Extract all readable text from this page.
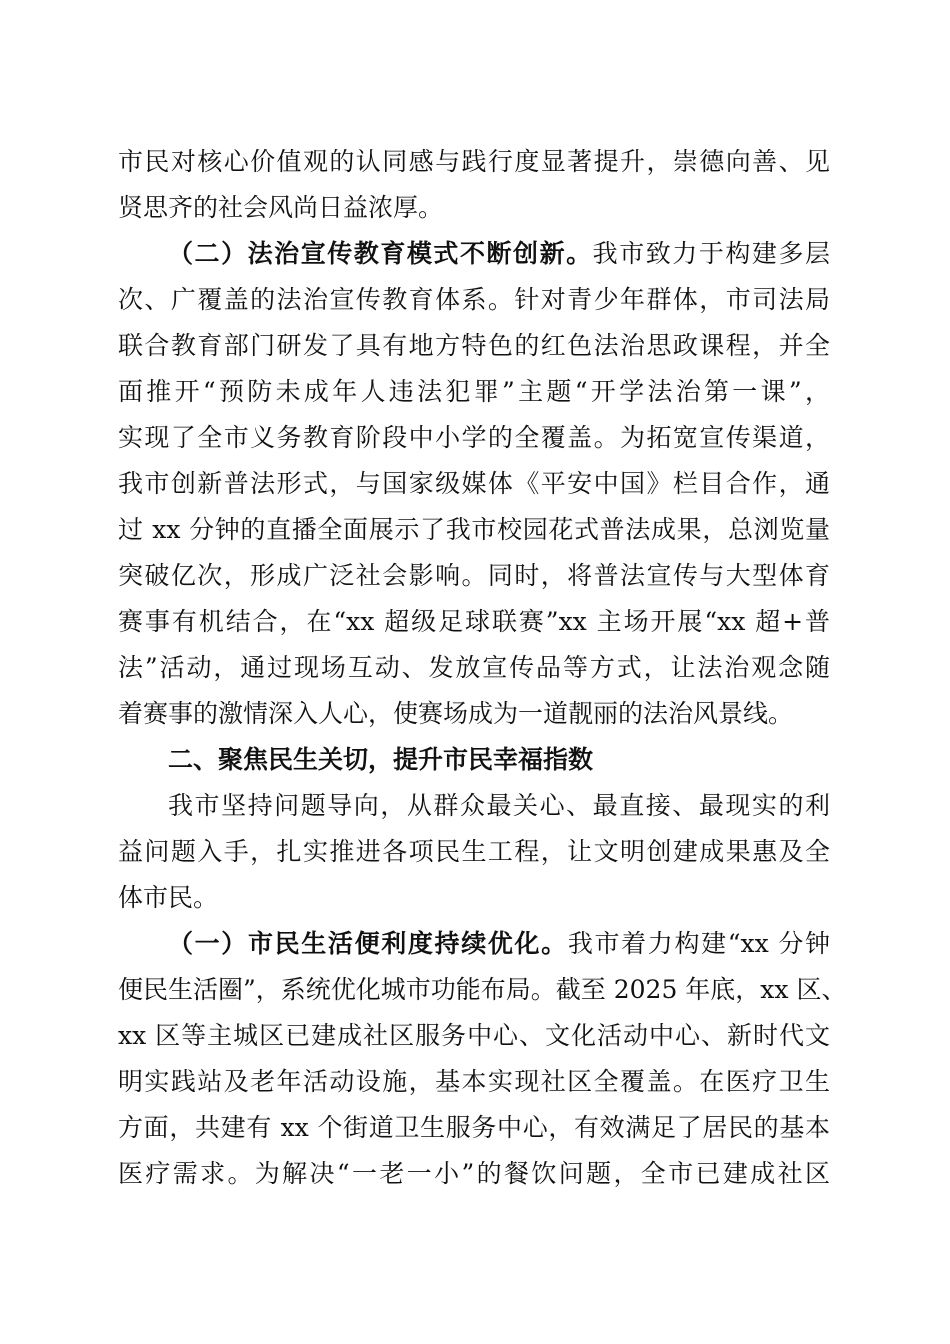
市民对核心价值观的认同感与践行度显著提升，崇德向善、见

贤思齐的社会风尚日益浓厚。

（二）法治宣传教育模式不断创新。我市致力于构建多层

次、广覆盖的法治宣传教育体系。针对青少年群体，市司法局

联合教育部门研发了具有地方特色的红色法治思政课程，并全

面推开“预防未成年人违法犯罪”主题“开学法治第一课”，

实现了全市义务教育阶段中小学的全覆盖。为拓宽宣传渠道，

我市创新普法形式，与国家级媒体《平安中国》栏目合作，通

过 xx 分钟的直播全面展示了我市校园花式普法成果，总浏览量

突破亿次，形成广泛社会影响。同时，将普法宣传与大型体育

赛事有机结合，在“xx 超级足球联赛”xx 主场开展“xx 超+普

法”活动，通过现场互动、发放宣传品等方式，让法治观念随

着赛事的激情深入人心，使赛场成为一道靓丽的法治风景线。

二、聚焦民生关切，提升市民幸福指数

我市坚持问题导向，从群众最关心、最直接、最现实的利

益问题入手，扎实推进各项民生工程，让文明创建成果惠及全

体市民。

（一）市民生活便利度持续优化。我市着力构建“xx 分钟

便民生活圈”，系统优化城市功能布局。截至 2025 年底，xx 区、

xx 区等主城区已建成社区服务中心、文化活动中心、新时代文

明实践站及老年活动设施，基本实现社区全覆盖。在医疗卫生

方面，共建有 xx 个街道卫生服务中心，有效满足了居民的基本

医疗需求。为解决“一老一小”的餐饮问题，全市已建成社区
